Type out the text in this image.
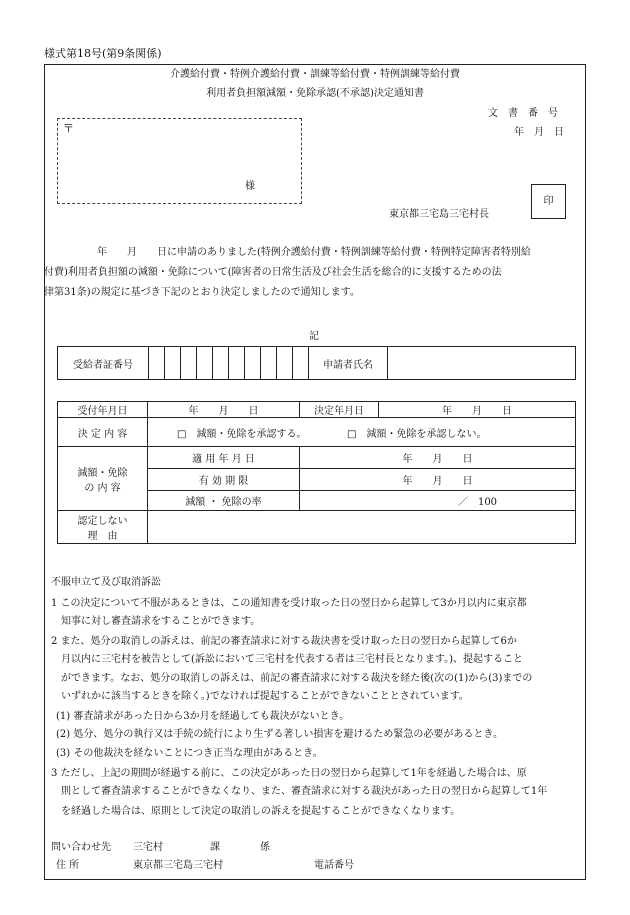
様式第18号(第9条関係)
介護給付費・特例介護給付費・訓練等給付費・特例訓練等給付費
利用者負担額減額・免除承認(不承認)決定通知書
文　書　番　号
年　月　日
〒
様
印
東京都三宅島三宅村長
年　　月　　日に申請のありました(特例介護給付費・特例訓練等給付費・特例特定障害者特別給
付費)利用者負担額の減額・免除について(障害者の日常生活及び社会生活を総合的に支援するための法
律第31条)の規定に基づき下記のとおり決定しましたので通知します。
記
受給者証番号											申請者氏名	
受付年月日	年　　月　　日	決定年月日	年　　月　　日
決 定 内 容	□　減額・免除を承認する。 □　減額・免除を承認しない。		

減額・免除
の 内 容	適 用 年 月 日	年　　月　　日	
	有 効 期 限	年　　月　　日	
	減額 ・ 免除の率	／　100	

認定しない
理　由			

不服申立て及び取消訴訟
1 この決定について不服があるときは、この通知書を受け取った日の翌日から起算して3か月以内に東京都
　知事に対し審査請求をすることができます。
2 また、処分の取消しの訴えは、前記の審査請求に対する裁決書を受け取った日の翌日から起算して6か
　月以内に三宅村を被告として(訴訟において三宅村を代表する者は三宅村長となります。)、提起すること
　ができます。なお、処分の取消しの訴えは、前記の審査請求に対する裁決を経た後(次の(1)から(3)までの
　いずれかに該当するときを除く。)でなければ提起することができないこととされています。
(1) 審査請求があった日から3か月を経過しても裁決がないとき。
(2) 処分、処分の執行又は手続の続行により生ずる著しい損害を避けるため緊急の必要があるとき。
(3) その他裁決を経ないことにつき正当な理由があるとき。
3 ただし、上記の期間が経過する前に、この決定があった日の翌日から起算して1年を経過した場合は、原
　則として審査請求することができなくなり、また、審査請求に対する裁決があった日の翌日から起算して1年
　を経過した場合は、原則として決定の取消しの訴えを提起することができなくなります。
問い合わせ先 三宅村	課	係
住 所	東京都三宅島三宅村	電話番号
